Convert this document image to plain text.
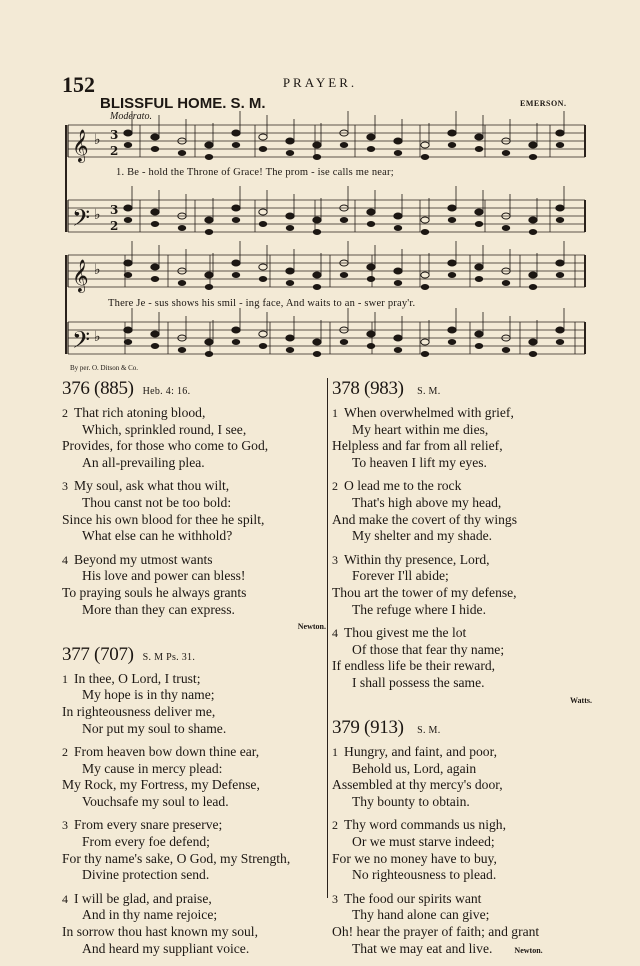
152	PRAYER.
BLISSFUL HOME. S. M.
Moderato.
EMERSON.
𝄞 ♭
𝄢 ♭
𝄞 ♭
𝄢 ♭
3
2
3
2
1. Be - hold the Throne of Grace! The prom - ise calls me near;
There Je - sus shows his smil - ing face, And waits to an - swer pray'r.
By per. O. Ditson & Co.
376 (885) Heb. 4: 16.
2 That rich atoning blood,
Which, sprinkled round, I see,
Provides, for those who come to God,
An all-prevailing plea.
3 My soul, ask what thou wilt,
Thou canst not be too bold:
Since his own blood for thee he spilt,
What else can he withhold?
4 Beyond my utmost wants
His love and power can bless!
To praying souls he always grants
More than they can express.
Newton.
377 (707) S. M Ps. 31.
1 In thee, O Lord, I trust;
My hope is in thy name;
In righteousness deliver me,
Nor put my soul to shame.
2 From heaven bow down thine ear,
My cause in mercy plead:
My Rock, my Fortress, my Defense,
Vouchsafe my soul to lead.
3 From every snare preserve;
From every foe defend;
For thy name's sake, O God, my Strength,
Divine protection send.
4 I will be glad, and praise,
And in thy name rejoice;
In sorrow thou hast known my soul,
And heard my suppliant voice.
378 (983) S. M.
1 When overwhelmed with grief,
My heart within me dies,
Helpless and far from all relief,
To heaven I lift my eyes.
2 O lead me to the rock
That's high above my head,
And make the covert of thy wings
My shelter and my shade.
3 Within thy presence, Lord,
Forever I'll abide;
Thou art the tower of my defense,
The refuge where I hide.
4 Thou givest me the lot
Of those that fear thy name;
If endless life be their reward,
I shall possess the same.
Watts.
379 (913) S. M.
1 Hungry, and faint, and poor,
Behold us, Lord, again
Assembled at thy mercy's door,
Thy bounty to obtain.
2 Thy word commands us nigh,
Or we must starve indeed;
For we no money have to buy,
No righteousness to plead.
3 The food our spirits want
Thy hand alone can give;
Oh! hear the prayer of faith; and grant
That we may eat and live.	Newton.
